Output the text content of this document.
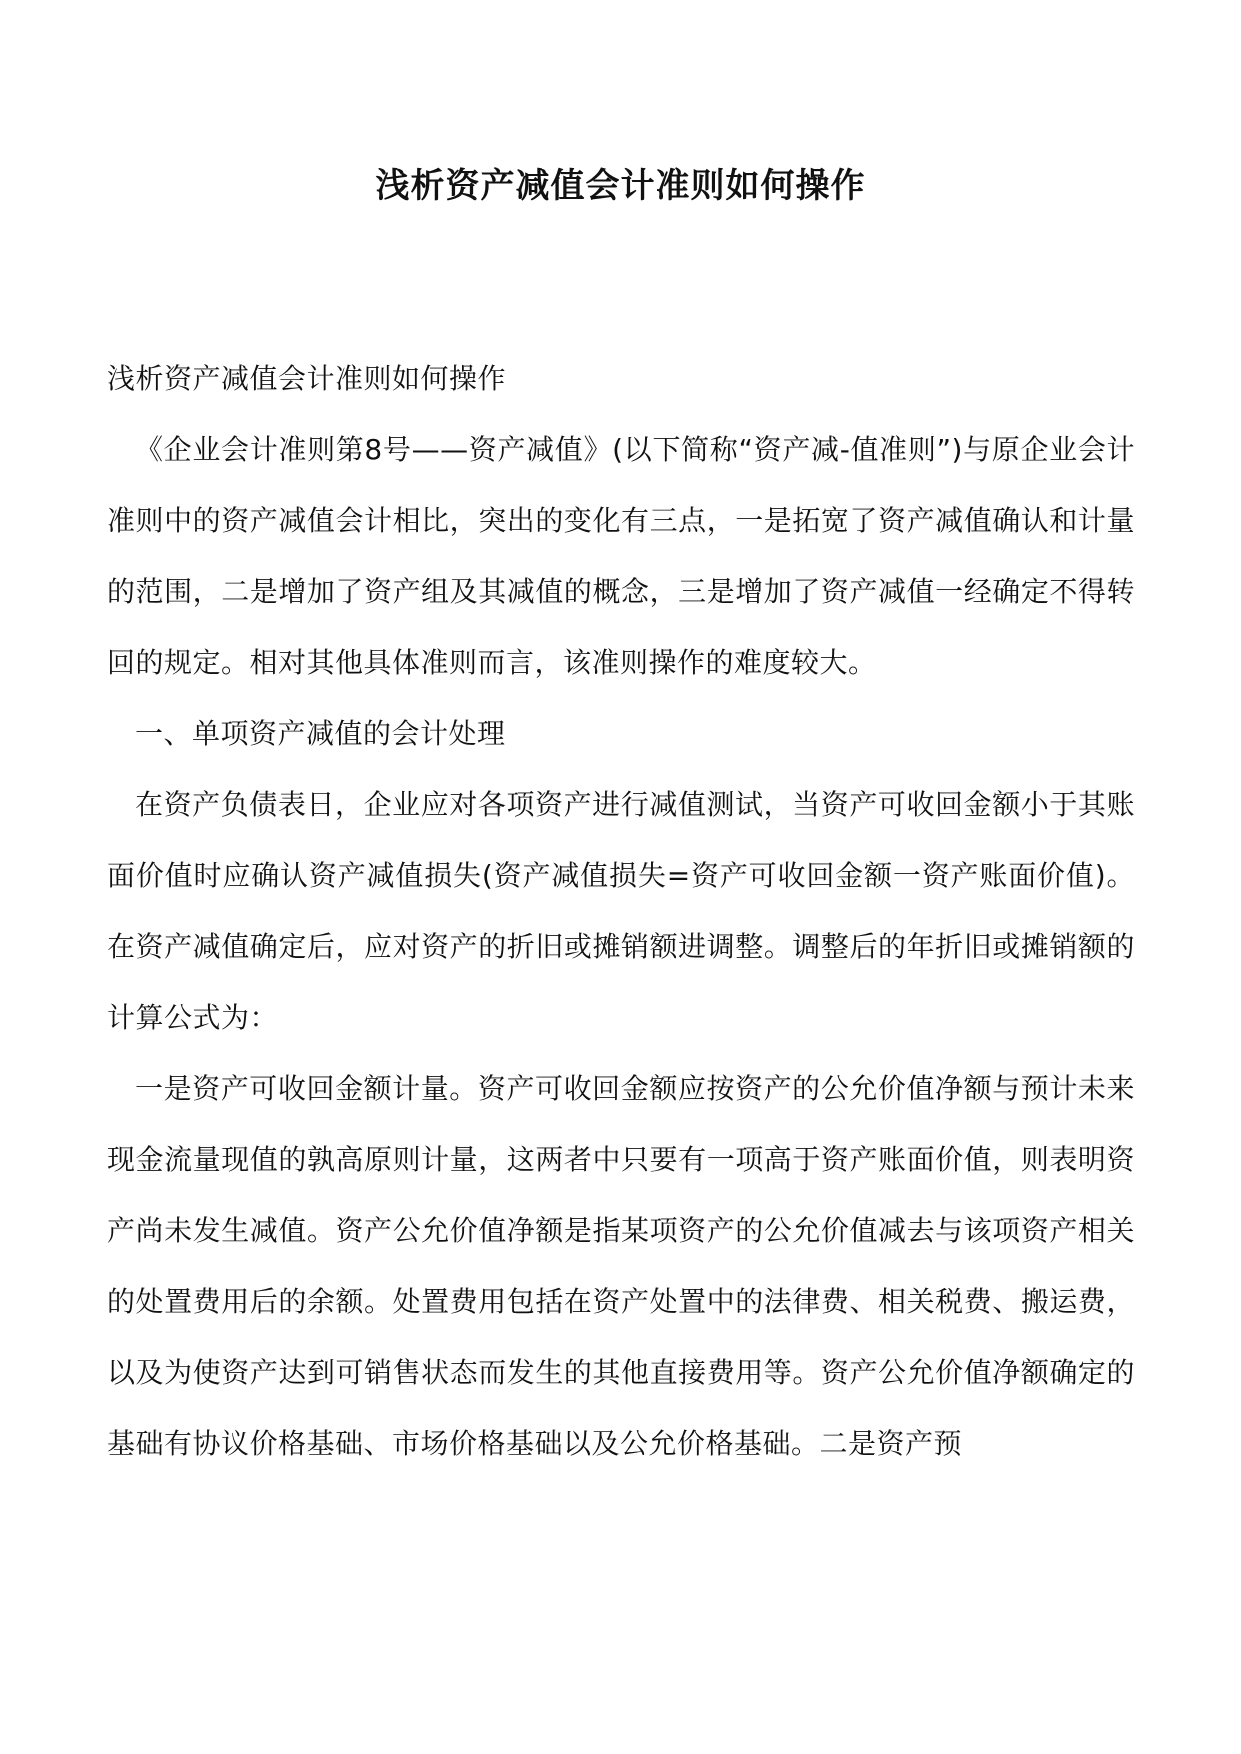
浅析资产减值会计准则如何操作

浅析资产减值会计准则如何操作

《企业会计准则第8号——资产减值》(以下简称“资产减-值准则”)与原企业会计准则中的资产减值会计相比，突出的变化有三点，一是拓宽了资产减值确认和计量的范围，二是增加了资产组及其减值的概念，三是增加了资产减值一经确定不得转回的规定。相对其他具体准则而言，该准则操作的难度较大。

一、单项资产减值的会计处理

在资产负债表日，企业应对各项资产进行减值测试，当资产可收回金额小于其账面价值时应确认资产减值损失(资产减值损失=资产可收回金额一资产账面价值)。在资产减值确定后，应对资产的折旧或摊销额进调整。调整后的年折旧或摊销额的计算公式为：

一是资产可收回金额计量。资产可收回金额应按资产的公允价值净额与预计未来现金流量现值的孰高原则计量，这两者中只要有一项高于资产账面价值，则表明资产尚未发生减值。资产公允价值净额是指某项资产的公允价值减去与该项资产相关的处置费用后的余额。处置费用包括在资产处置中的法律费、相关税费、搬运费，以及为使资产达到可销售状态而发生的其他直接费用等。资产公允价值净额确定的基础有协议价格基础、市场价格基础以及公允价格基础。二是资产预
